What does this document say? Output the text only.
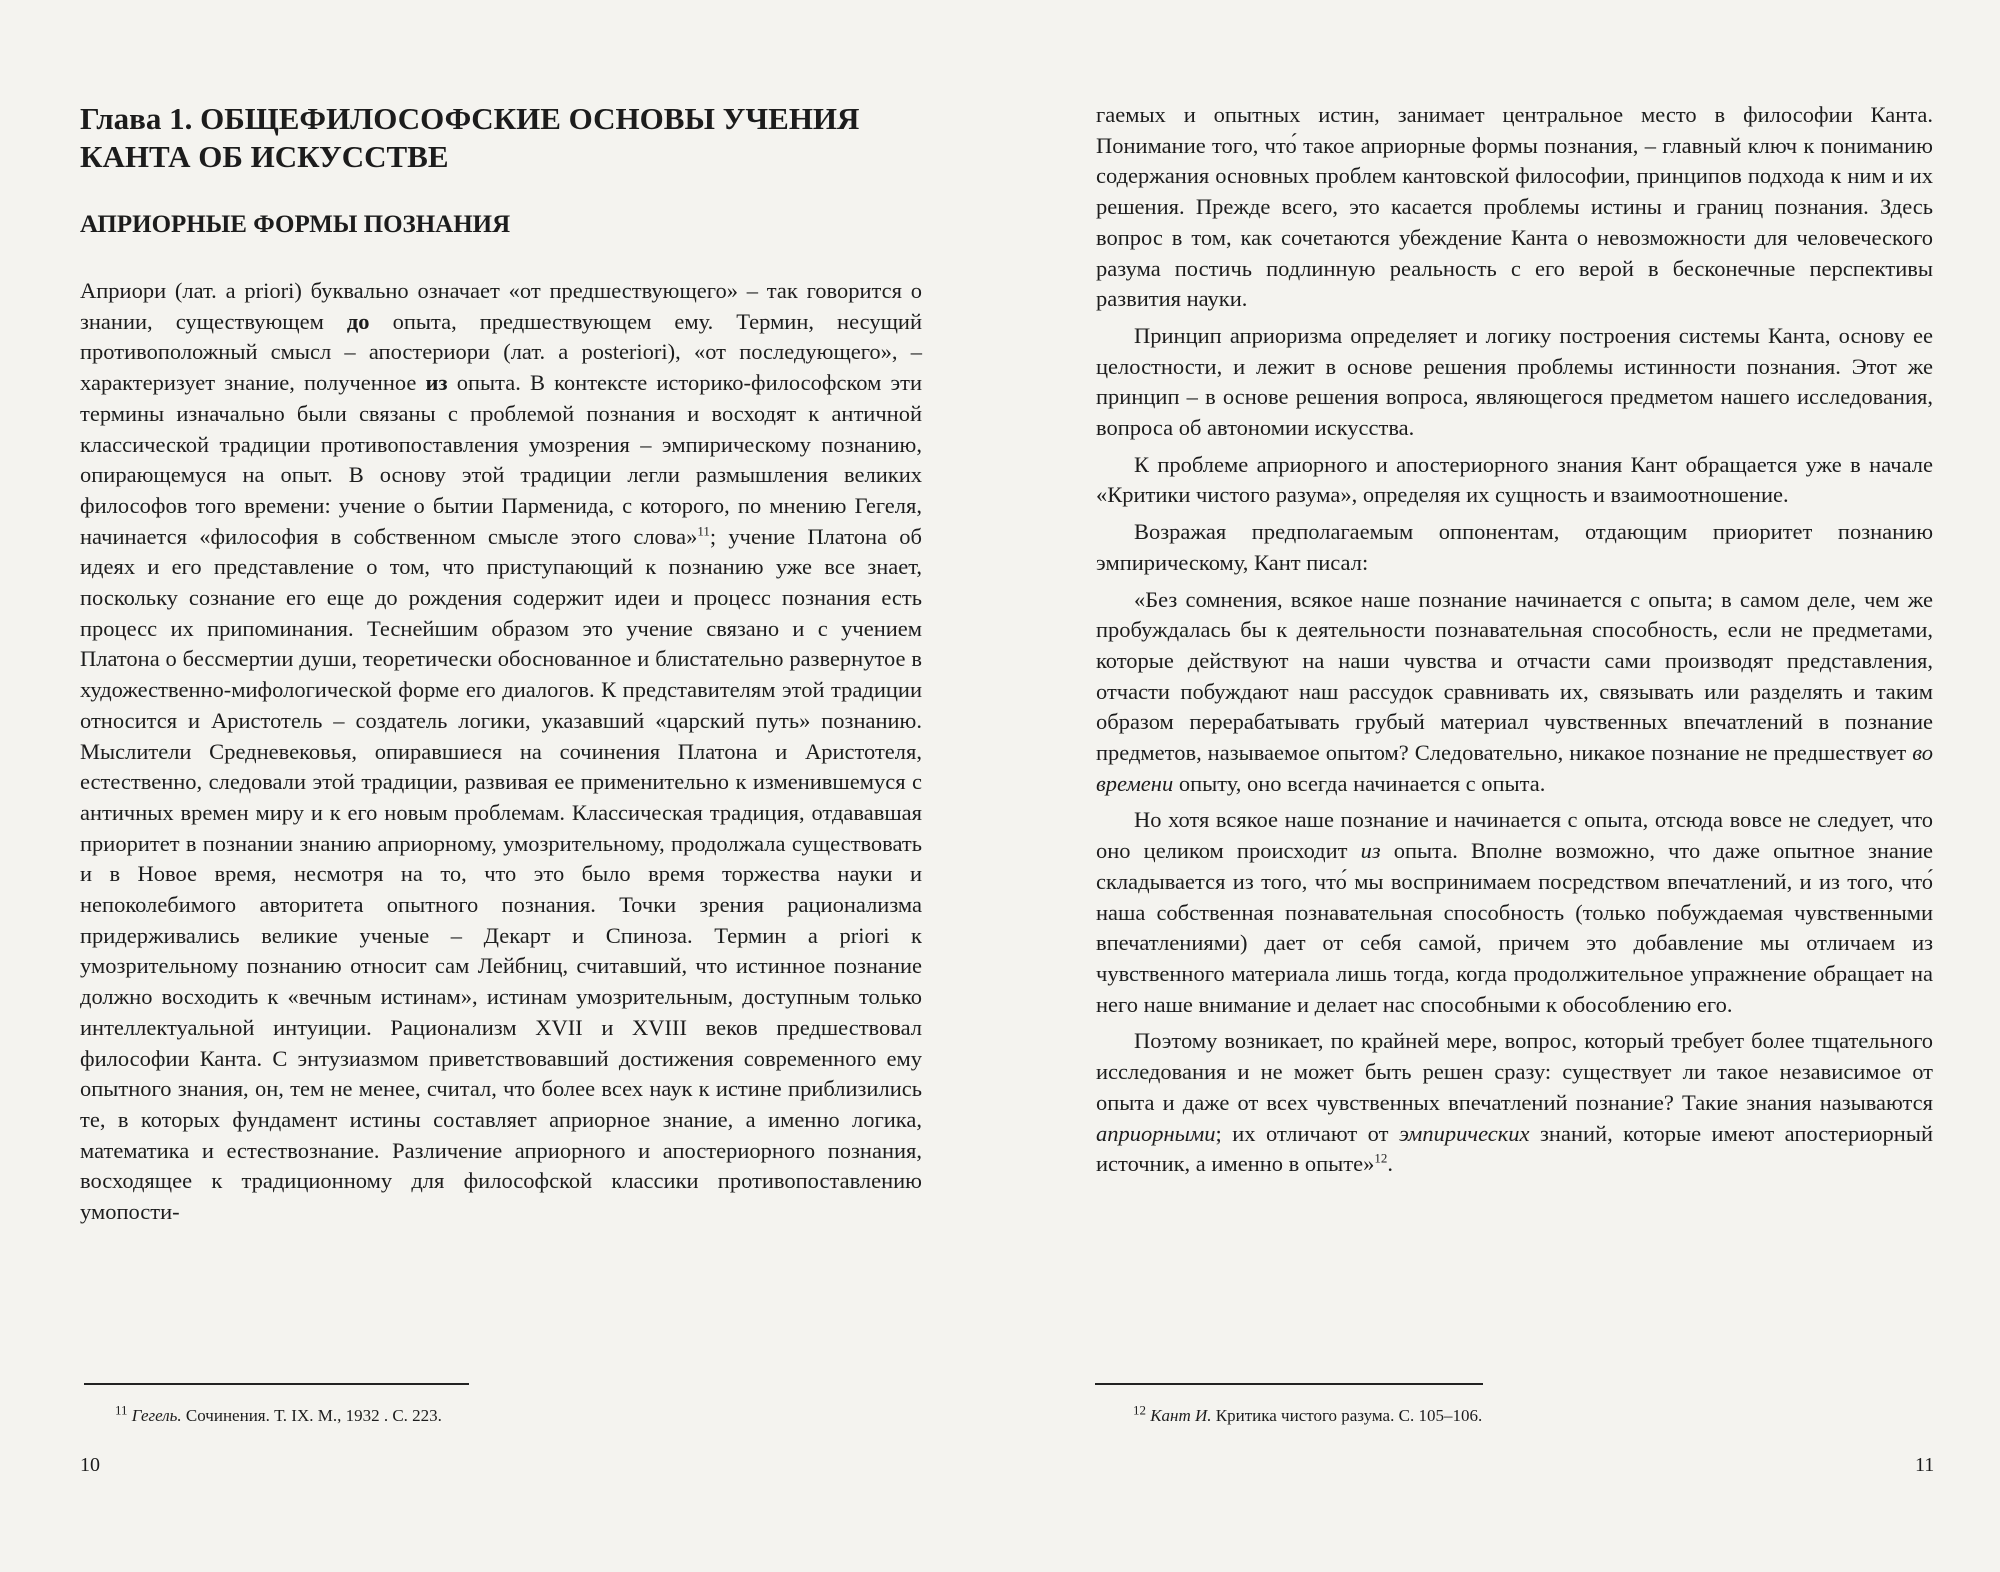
Глава 1. ОБЩЕФИЛОСОФСКИЕ ОСНОВЫ УЧЕНИЯ
КАНТА ОБ ИСКУССТВЕ
АПРИОРНЫЕ ФОРМЫ ПОЗНАНИЯ

Априори (лат. a priori) буквально означает «от предшествующего» – так говорится о знании, существующем до опыта, предшествующем ему. Термин, несущий противоположный смысл – апостериори (лат. a posteriori), «от последующего», – характеризует знание, полученное из опыта. В контексте историко-философском эти термины изначально были связаны с проблемой познания и восходят к античной классической традиции противопоставления умозрения – эмпирическому познанию, опирающемуся на опыт. В основу этой традиции легли размышления великих философов того времени: учение о бытии Парменида, с которого, по мнению Гегеля, начинается «философия в собственном смысле этого слова»$^{11}$; учение Платона об идеях и его представление о том, что приступающий к познанию уже все знает, поскольку сознание его еще до рождения содержит идеи и процесс познания есть процесс их припоминания. Теснейшим образом это учение связано и с учением Платона о бессмертии души, теоретически обоснованное и блистательно развернутое в художественно-мифологической форме его диалогов. К представителям этой традиции относится и Аристотель – создатель логики, указавший «царский путь» познанию. Мыслители Средневековья, опиравшиеся на сочинения Платона и Аристотеля, естественно, следовали этой традиции, развивая ее применительно к изменившемуся с античных времен миру и к его новым проблемам. Классическая традиция, отдававшая приоритет в познании знанию априорному, умозрительному, продолжала существовать и в Новое время, несмотря на то, что это было время торжества науки и непоколебимого авторитета опытного познания. Точки зрения рационализма придерживались великие ученые – Декарт и Спиноза. Термин a priori к умозрительному познанию относит сам Лейбниц, считавший, что истинное познание должно восходить к «вечным истинам», истинам умозрительным, доступным только интеллектуальной интуиции. Рационализм XVII и XVIII веков предшествовал философии Канта. С энтузиазмом приветствовавший достижения современного ему опытного знания, он, тем не менее, считал, что более всех наук к истине приблизились те, в которых фундамент истины составляет априорное знание, а именно логика, математика и естествознание. Различение априорного и апостериорного познания, восходящее к традиционному для философской классики противопоставлению умопости-

$^{11}$ Гегель. Сочинения. Т. IX. М., 1932 . С. 223.
10

гаемых и опытных истин, занимает центральное место в философии Канта. Понимание того, что́ такое априорные формы познания, – главный ключ к пониманию содержания основных проблем кантовской философии, принципов подхода к ним и их решения. Прежде всего, это касается проблемы истины и границ познания. Здесь вопрос в том, как сочетаются убеждение Канта о невозможности для человеческого разума постичь подлинную реальность с его верой в бесконечные перспективы развития науки.

Принцип априоризма определяет и логику построения системы Канта, основу ее целостности, и лежит в основе решения проблемы истинности познания. Этот же принцип – в основе решения вопроса, являющегося предметом нашего исследования, вопроса об автономии искусства.

К проблеме априорного и апостериорного знания Кант обращается уже в начале «Критики чистого разума», определяя их сущность и взаимоотношение.

Возражая предполагаемым оппонентам, отдающим приоритет познанию эмпирическому, Кант писал:

«Без сомнения, всякое наше познание начинается с опыта; в самом деле, чем же пробуждалась бы к деятельности познавательная способность, если не предметами, которые действуют на наши чувства и отчасти сами производят представления, отчасти побуждают наш рассудок сравнивать их, связывать или разделять и таким образом перерабатывать грубый материал чувственных впечатлений в познание предметов, называемое опытом? Следовательно, никакое познание не предшествует во времени опыту, оно всегда начинается с опыта.

Но хотя всякое наше познание и начинается с опыта, отсюда вовсе не следует, что оно целиком происходит из опыта. Вполне возможно, что даже опытное знание складывается из того, что́ мы воспринимаем посредством впечатлений, и из того, что́ наша собственная познавательная способность (только побуждаемая чувственными впечатлениями) дает от себя самой, причем это добавление мы отличаем из чувственного материала лишь тогда, когда продолжительное упражнение обращает на него наше внимание и делает нас способными к обособлению его.

Поэтому возникает, по крайней мере, вопрос, который требует более тщательного исследования и не может быть решен сразу: существует ли такое независимое от опыта и даже от всех чувственных впечатлений познание? Такие знания называются априорными; их отличают от эмпирических знаний, которые имеют апостериорный источник, а именно в опыте»$^{12}$.

$^{12}$ Кант И. Критика чистого разума. С. 105–106.
11
